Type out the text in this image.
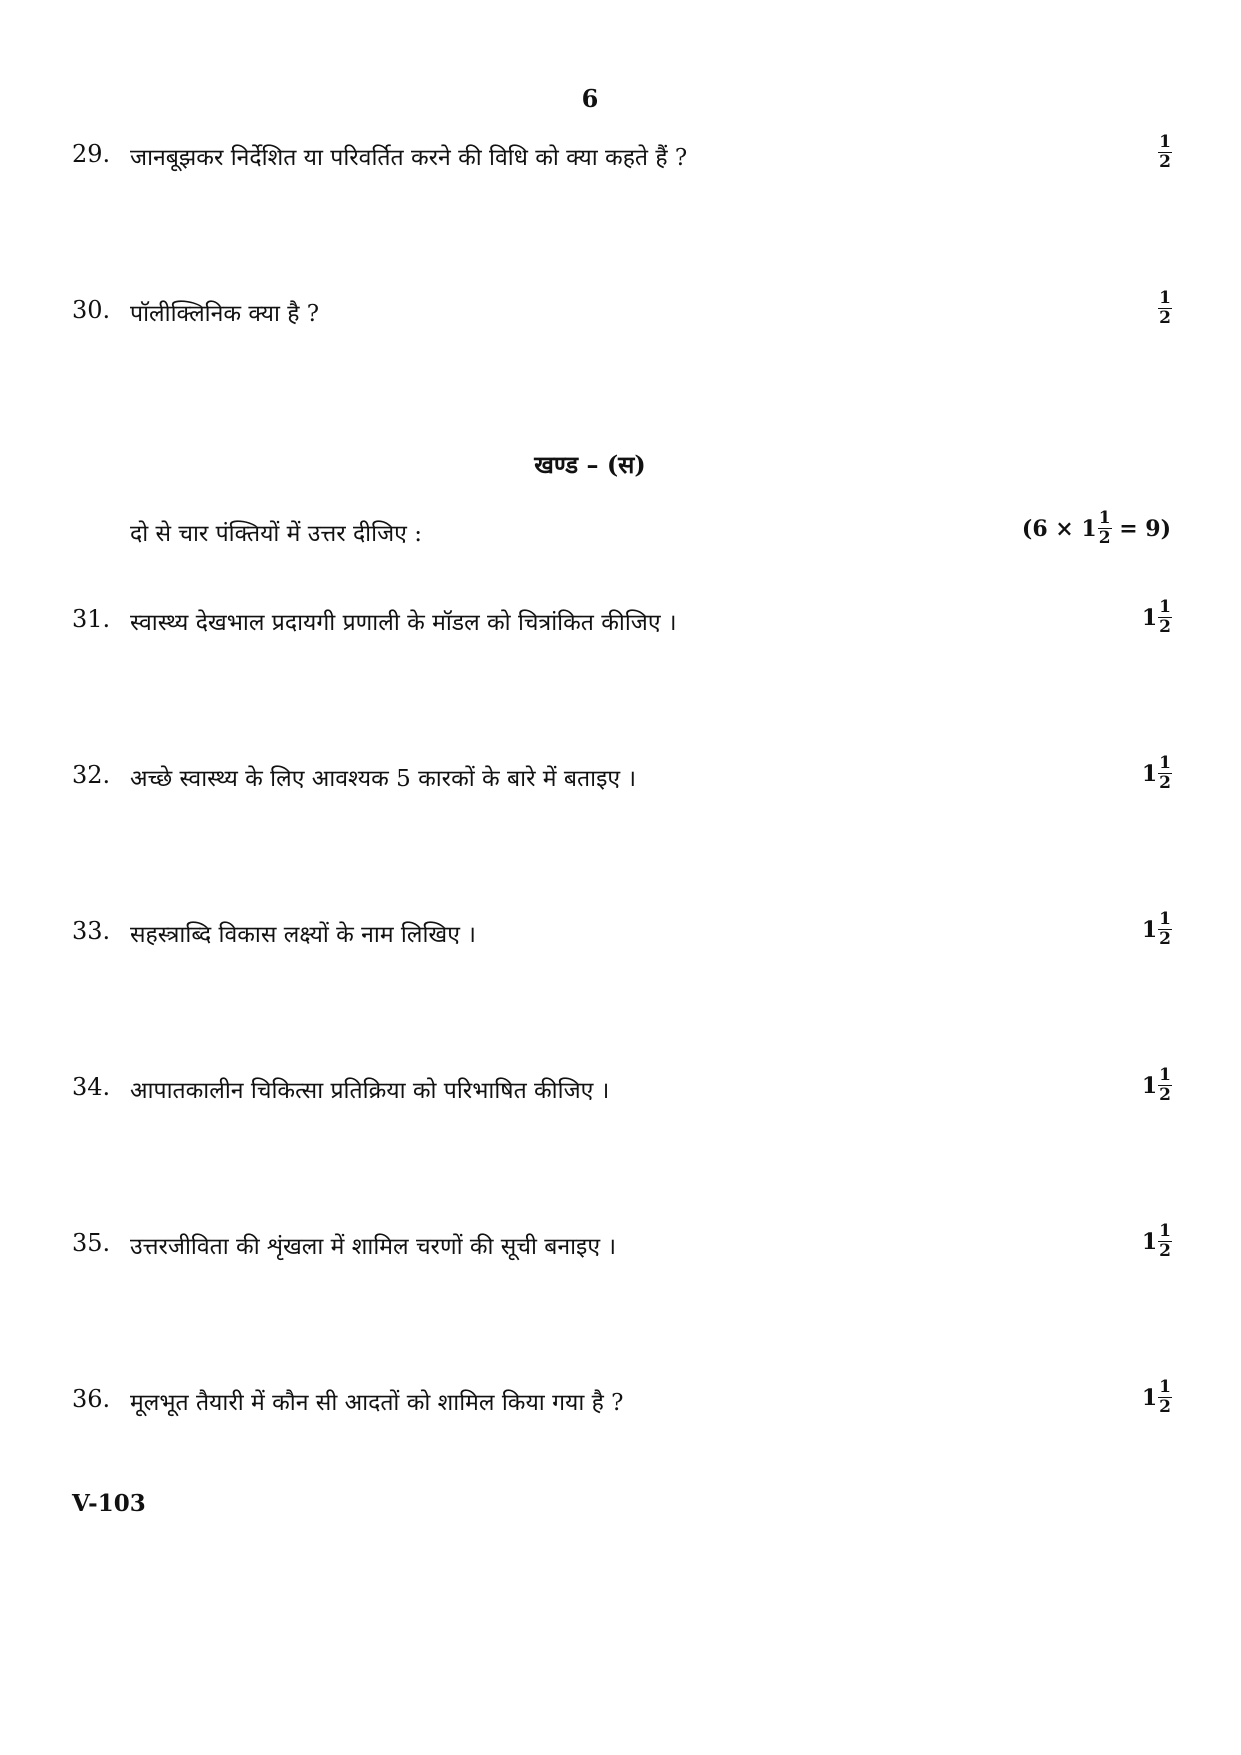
6
29. जानबूझकर निर्देशित या परिवर्तित करने की विधि को क्या कहते हैं ?	$\frac{1}{2}$
30. पॉलीक्लिनिक क्या है ?	$\frac{1}{2}$
खण्ड – (स)
दो से चार पंक्तियों में उत्तर दीजिए :	$(6 \times 1 \frac{1}{2} = 9)$
31. स्वास्थ्य देखभाल प्रदायगी प्रणाली के मॉडल को चित्रांकित कीजिए ।	$1 \frac{1}{2}$
32. अच्छे स्वास्थ्य के लिए आवश्यक 5 कारकों के बारे में बताइए ।	$1 \frac{1}{2}$
33. सहस्त्राब्दि विकास लक्ष्यों के नाम लिखिए ।	$1 \frac{1}{2}$
34. आपातकालीन चिकित्सा प्रतिक्रिया को परिभाषित कीजिए ।	$1 \frac{1}{2}$
35. उत्तरजीविता की शृंखला में शामिल चरणों की सूची बनाइए ।	$1 \frac{1}{2}$
36. मूलभूत तैयारी में कौन सी आदतों को शामिल किया गया है ?	$1 \frac{1}{2}$
V-103
